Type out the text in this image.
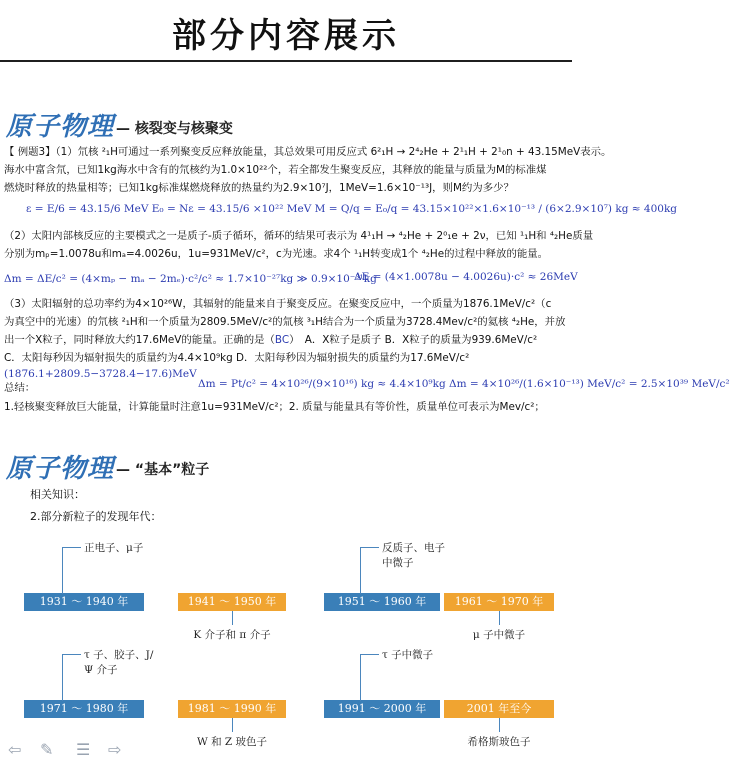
部分内容展示
原子物理 — 核裂变与核聚变
【 例题3】（1）氘核 ²₁H可通过一系列聚变反应释放能量，其总效果可用反应式 6²₁H → 2⁴₂He + 2¹₁H + 2¹₀n + 43.15MeV表示。
海水中富含氘，已知1kg海水中含有的氘核约为1.0×10²²个，若全都发生聚变反应，其释放的能量与质量为M的标准煤
燃烧时释放的热量相等；已知1kg标准煤燃烧释放的热量约为2.9×10⁷J，1MeV=1.6×10⁻¹³J，则M约为多少？
ε = E/6 = 43.15/6 MeV E₀ = Nε = 43.15/6 ×10²² MeV M = Q/q = E₀/q = 43.15×10²²×1.6×10⁻¹³ / (6×2.9×10⁷) kg ≈ 400kg
（2）太阳内部核反应的主要模式之一是质子-质子循环，循环的结果可表示为 4¹₁H → ⁴₂He + 2⁰₁e + 2ν，已知 ¹₁H和 ⁴₂He质量
分别为mₚ=1.0078u和mₐ=4.0026u，1u=931MeV/c²，c为光速。求4个 ¹₁H转变成1个 ⁴₂He的过程中释放的能量。
Δm = ΔE/c² = (4×mₚ − mₐ − 2mₑ)·c²/c² ≈ 1.7×10⁻²⁷kg ≫ 0.9×10⁻³¹kg
ΔE = (4×1.0078u − 4.0026u)·c² ≈ 26MeV
（3）太阳辐射的总功率约为4×10²⁶W，其辐射的能量来自于聚变反应。在聚变反应中，一个质量为1876.1MeV/c²（c
为真空中的光速）的氘核 ²₁H和一个质量为2809.5MeV/c²的氚核 ³₁H结合为一个质量为3728.4Mev/c²的氦核 ⁴₂He，并放
出一个X粒子，同时释放大约17.6MeV的能量。正确的是（BC）　A．X粒子是质子 B．X粒子的质量为939.6MeV/c²
C．太阳每秒因为辐射损失的质量约为4.4×10⁹kg D．太阳每秒因为辐射损失的质量约为17.6MeV/c²
(1876.1+2809.5−3728.4−17.6)MeV
Δm = Pt/c² = 4×10²⁶/(9×10¹⁶) kg ≈ 4.4×10⁹kg Δm = 4×10²⁶/(1.6×10⁻¹³) MeV/c² = 2.5×10³⁹ MeV/c²
总结：
1.轻核聚变释放巨大能量，计算能量时注意1u=931MeV/c²；2. 质量与能量具有等价性，质量单位可表示为Mev/c²；
原子物理 — “基本”粒子
相关知识：
2.部分新粒子的发现年代：
1931 ～ 1940 年
正电子、μ子
1941 ～ 1950 年
K 介子和 π 介子
1951 ～ 1960 年
反质子、电子中微子
1961 ～ 1970 年
μ 子中微子
1971 ～ 1980 年
τ 子、胶子、J/Ψ 介子
1981 ～ 1990 年
W 和 Z 玻色子
1991 ～ 2000 年
τ 子中微子
2001 年至今
希格斯玻色子
⇦ ✎ ☰ ⇨
